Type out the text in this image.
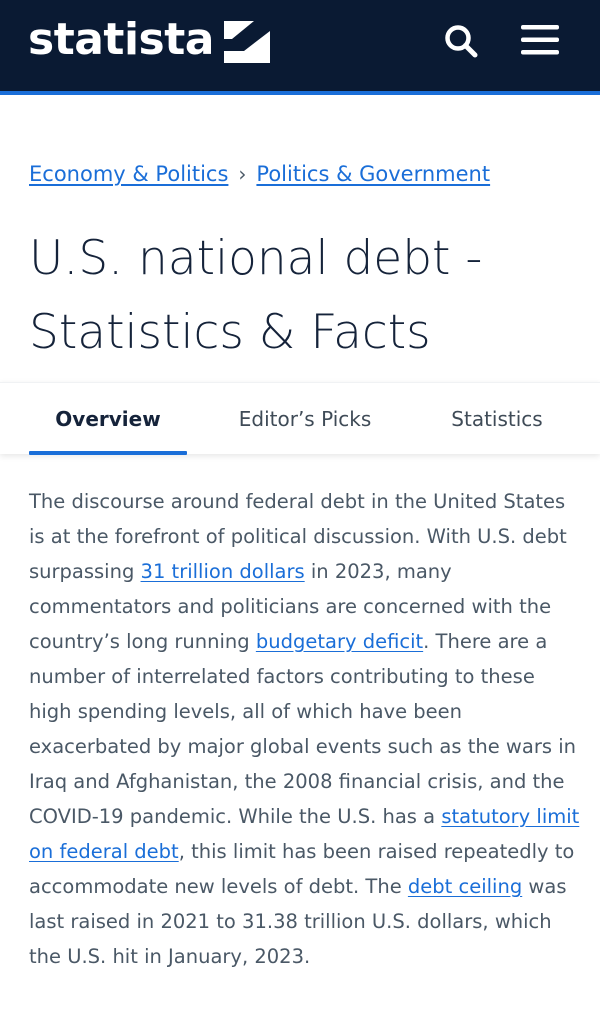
statista
Economy & Politics › Politics & Government
U.S. national debt - Statistics & Facts
Overview	Editor’s Picks	Statistics

The discourse around federal debt in the United States is at the forefront of political discussion. With U.S. debt surpassing 31 trillion dollars in 2023, many commentators and politicians are concerned with the country’s long running budgetary deficit. There are a number of interrelated factors contributing to these high spending levels, all of which have been exacerbated by major global events such as the wars in Iraq and Afghanistan, the 2008 financial crisis, and the COVID-19 pandemic. While the U.S. has a statutory limit on federal debt, this limit has been raised repeatedly to accommodate new levels of debt. The debt ceiling was last raised in 2021 to 31.38 trillion U.S. dollars, which the U.S. hit in January, 2023.
